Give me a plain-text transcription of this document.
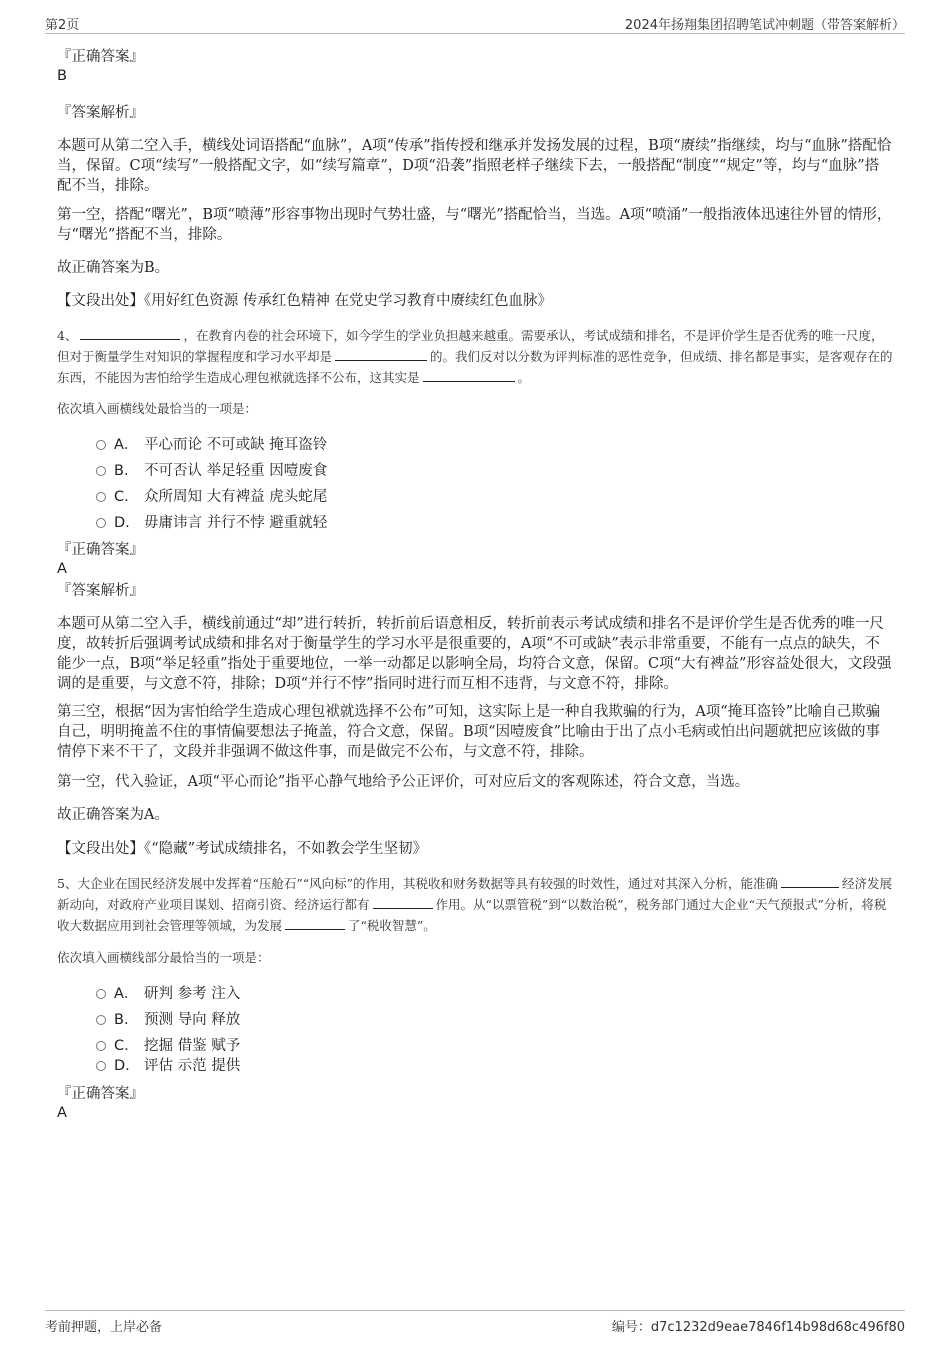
第2页	2024年扬翔集团招聘笔试冲刺题（带答案解析）
『正确答案』
B
『答案解析』
本题可从第二空入手，横线处词语搭配“血脉”，A项“传承”指传授和继承并发扬发展的过程，B项“赓续”指继续，均与“血脉”搭配恰当，保留。C项“续写”一般搭配文字，如“续写篇章”，D项“沿袭”指照老样子继续下去，一般搭配“制度”“规定”等，均与“血脉”搭配不当，排除。
第一空，搭配“曙光”，B项“喷薄”形容事物出现时气势壮盛，与“曙光”搭配恰当，当选。A项“喷涌”一般指液体迅速往外冒的情形，与“曙光”搭配不当，排除。
故正确答案为B。
【文段出处】《用好红色资源 传承红色精神 在党史学习教育中赓续红色血脉》
4、	，在教育内卷的社会环境下，如今学生的学业负担越来越重。需要承认，考试成绩和排名，不是评价学生是否优秀的唯一尺度，但对于衡量学生对知识的掌握程度和学习水平却是	的。我们反对以分数为评判标准的恶性竞争，但成绩、排名都是事实，是客观存在的东西，不能因为害怕给学生造成心理包袱就选择不公布，这其实是	。
依次填入画横线处最恰当的一项是：
A． 平心而论 不可或缺 掩耳盗铃
B. 不可否认 举足轻重 因噎废食
C. 众所周知 大有裨益 虎头蛇尾
D. 毋庸讳言 并行不悖 避重就轻
『正确答案』
A
『答案解析』
本题可从第二空入手，横线前通过“却”进行转折，转折前后语意相反，转折前表示考试成绩和排名不是评价学生是否优秀的唯一尺度，故转折后强调考试成绩和排名对于衡量学生的学习水平是很重要的，A项“不可或缺”表示非常重要，不能有一点点的缺失，不能少一点，B项“举足轻重”指处于重要地位，一举一动都足以影响全局，均符合文意，保留。C项“大有裨益”形容益处很大，文段强调的是重要，与文意不符，排除；D项“并行不悖”指同时进行而互相不违背，与文意不符，排除。
第三空，根据“因为害怕给学生造成心理包袱就选择不公布”可知，这实际上是一种自我欺骗的行为，A项“掩耳盗铃”比喻自己欺骗自己，明明掩盖不住的事情偏要想法子掩盖，符合文意，保留。B项“因噎废食”比喻由于出了点小毛病或怕出问题就把应该做的事情停下来不干了，文段并非强调不做这件事，而是做完不公布，与文意不符，排除。
第一空，代入验证，A项“平心而论”指平心静气地给予公正评价，可对应后文的客观陈述，符合文意，当选。
故正确答案为A。
【文段出处】《“隐藏”考试成绩排名，不如教会学生坚韧》
5、大企业在国民经济发展中发挥着“压舱石”“风向标”的作用，其税收和财务数据等具有较强的时效性，通过对其深入分析，能准确	经济发展新动向，对政府产业项目谋划、招商引资、经济运行都有	作用。从“以票管税”到“以数治税”，税务部门通过大企业“天气预报式”分析，将税收大数据应用到社会管理等领域，为发展	了“税收智慧”。
依次填入画横线部分最恰当的一项是：
A． 研判 参考 注入
B. 预测 导向 释放
C. 挖掘 借鉴 赋予
D. 评估 示范 提供
『正确答案』
A
考前押题，上岸必备	编号：d7c1232d9eae7846f14b98d68c496f80
